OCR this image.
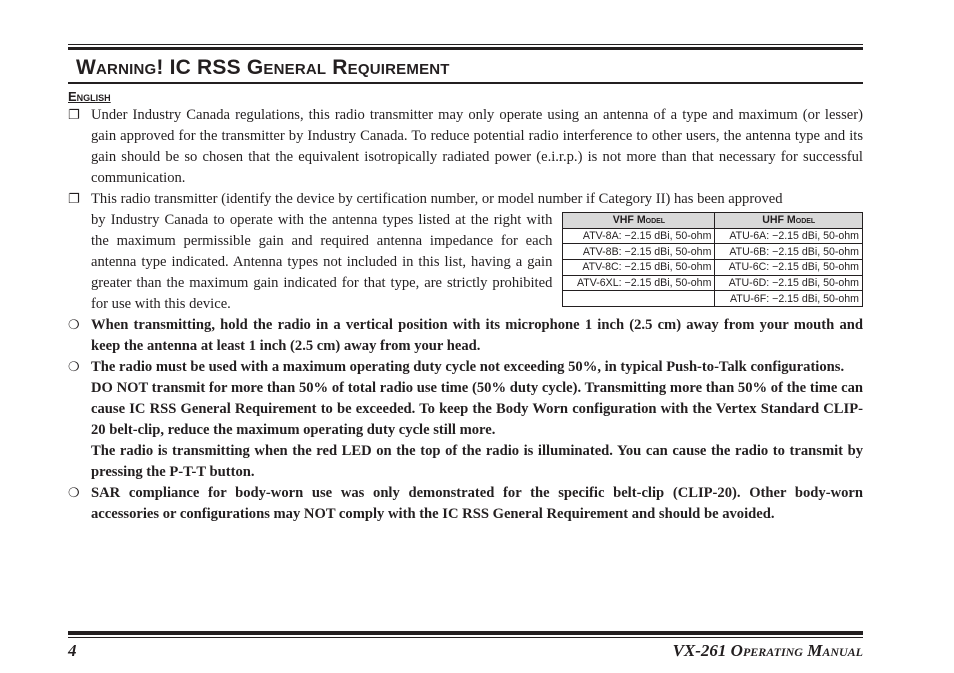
Warning! IC RSS General Requirement
English
❐ Under Industry Canada regulations, this radio transmitter may only operate using an antenna of a type and maximum (or lesser) gain approved for the transmitter by Industry Canada. To reduce potential radio interference to other users, the antenna type and its gain should be so chosen that the equivalent isotropically radiated power (e.i.r.p.) is not more than that necessary for successful communication.

❐ This radio transmitter (identify the device by certification number, or model number if Category II) has been approved

by Industry Canada to operate with the antenna types listed at the right with the maximum permissible gain and required antenna impedance for each antenna type indicated. Antenna types not included in this list, having a gain greater than the maximum gain indicated for that type, are strictly prohibited for use with this device.

VHF Model	UHF Model
ATV-8A: −2.15 dBi, 50-ohm	ATU-6A: −2.15 dBi, 50-ohm
ATV-8B: −2.15 dBi, 50-ohm	ATU-6B: −2.15 dBi, 50-ohm
ATV-8C: −2.15 dBi, 50-ohm	ATU-6C: −2.15 dBi, 50-ohm
ATV-6XL: −2.15 dBi, 50-ohm	ATU-6D: −2.15 dBi, 50-ohm
	ATU-6F: −2.15 dBi, 50-ohm
❍ When transmitting, hold the radio in a vertical position with its microphone 1 inch (2.5 cm) away from your mouth and keep the antenna at least 1 inch (2.5 cm) away from your head.

❍ The radio must be used with a maximum operating duty cycle not exceeding 50%, in typical Push-to-Talk configurations.

DO NOT transmit for more than 50% of total radio use time (50% duty cycle). Transmitting more than 50% of the time can cause IC RSS General Requirement to be exceeded. To keep the Body Worn configuration with the Vertex Standard CLIP-20 belt-clip, reduce the maximum operating duty cycle still more.

The radio is transmitting when the red LED on the top of the radio is illuminated. You can cause the radio to transmit by pressing the P-T-T button.

❍ SAR compliance for body-worn use was only demonstrated for the specific belt-clip (CLIP-20). Other body-worn accessories or configurations may NOT comply with the IC RSS General Requirement and should be avoided.

4	VX-261 Operating Manual
